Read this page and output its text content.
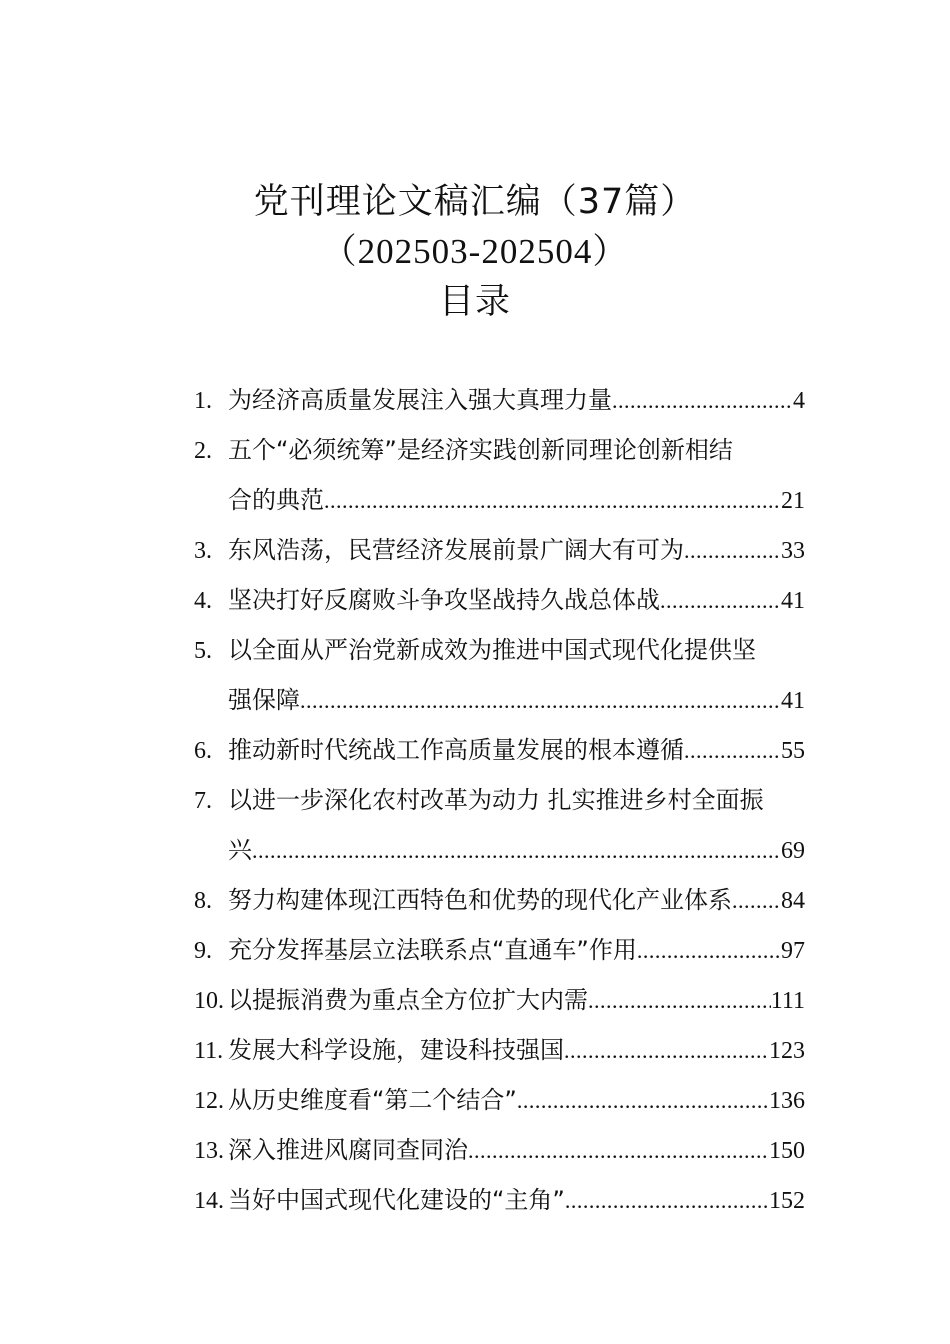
党刊理论文稿汇编（37篇）
（202503-202504）
目录
1. 为经济高质量发展注入强大真理力量 .....	4
2. 五个“必须统筹”是经济实践创新同理论创新相结
合的典范 .....	21
3. 东风浩荡，民营经济发展前景广阔大有可为 .....	33
4. 坚决打好反腐败斗争攻坚战持久战总体战 .....	41
5. 以全面从严治党新成效为推进中国式现代化提供坚
强保障 .....	41
6. 推动新时代统战工作高质量发展的根本遵循 .....	55
7. 以进一步深化农村改革为动力 扎实推进乡村全面振
兴 .....	69
8. 努力构建体现江西特色和优势的现代化产业体系 ..... 84
9. 充分发挥基层立法联系点“直通车”作用 .....	97
10. 以提振消费为重点全方位扩大内需 .....	111
11. 发展大科学设施，建设科技强国 .....	123
12. 从历史维度看“第二个结合” .....	136
13. 深入推进风腐同查同治 .....	150
14. 当好中国式现代化建设的“主角” .....	152
